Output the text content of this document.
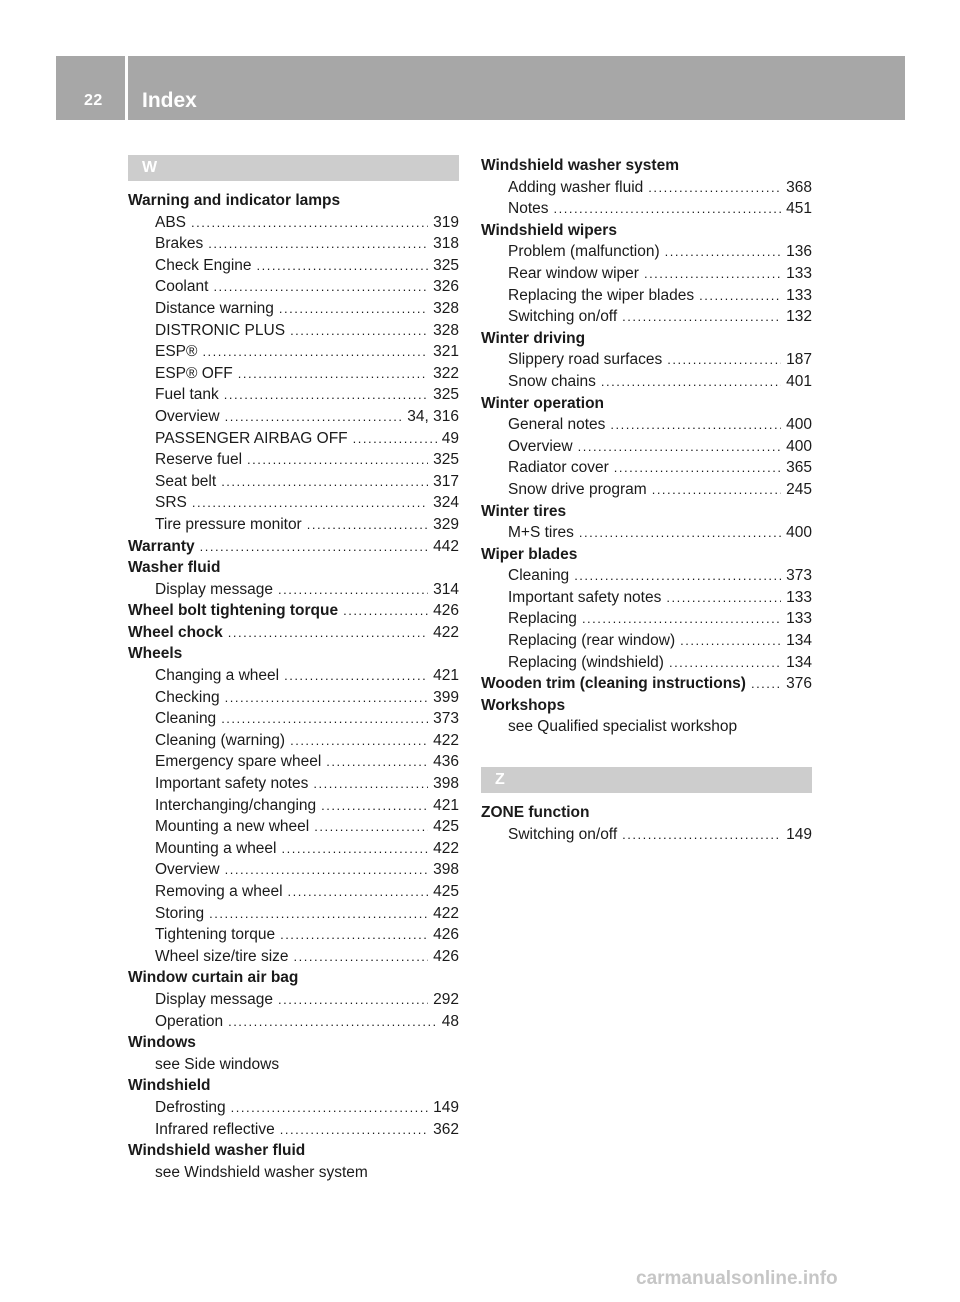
22 Index
W
Warning and indicator lamps
ABS .....	319
Brakes .....	318
Check Engine .....	325
Coolant .....	326
Distance warning .....	328
DISTRONIC PLUS .....	328
ESP® .....	321
ESP® OFF .....	322
Fuel tank .....	325
Overview .....	34, 316
PASSENGER AIRBAG OFF .....	49
Reserve fuel .....	325
Seat belt .....	317
SRS .....	324
Tire pressure monitor .....	329
Warranty .....	442
Washer fluid
Display message .....	314
Wheel bolt tightening torque .....	426
Wheel chock .....	422
Wheels
Changing a wheel .....	421
Checking .....	399
Cleaning .....	373
Cleaning (warning) .....	422
Emergency spare wheel .....	436
Important safety notes .....	398
Interchanging/changing .....	421
Mounting a new wheel .....	425
Mounting a wheel .....	422
Overview .....	398
Removing a wheel .....	425
Storing .....	422
Tightening torque .....	426
Wheel size/tire size .....	426
Window curtain air bag
Display message .....	292
Operation .....	48
Windows
see Side windows
Windshield
Defrosting .....	149
Infrared reflective .....	362
Windshield washer fluid
see Windshield washer system
Windshield washer system
Adding washer fluid .....	368
Notes .....	451
Windshield wipers
Problem (malfunction) .....	136
Rear window wiper .....	133
Replacing the wiper blades .....	133
Switching on/off .....	132
Winter driving
Slippery road surfaces .....	187
Snow chains .....	401
Winter operation
General notes .....	400
Overview .....	400
Radiator cover .....	365
Snow drive program .....	245
Winter tires
M+S tires .....	400
Wiper blades
Cleaning .....	373
Important safety notes .....	133
Replacing .....	133
Replacing (rear window) .....	134
Replacing (windshield) .....	134
Wooden trim (cleaning instructions) .....	376
Workshops
see Qualified specialist workshop
Z
ZONE function
Switching on/off .....	149
carmanualsonline.info
